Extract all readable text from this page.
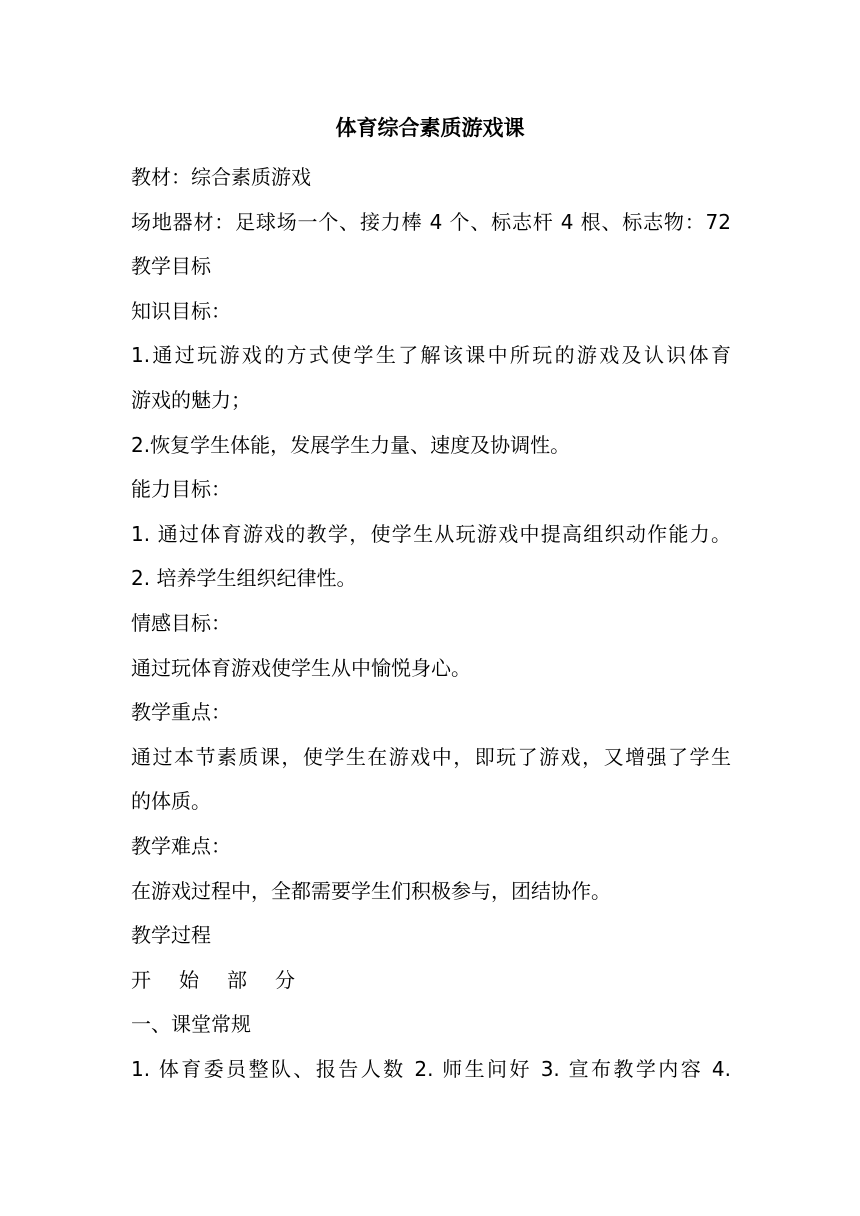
体育综合素质游戏课
教材：综合素质游戏
场地器材：足球场一个、接力棒 4 个、标志杆 4 根、标志物：72
教学目标
知识目标：
1.通过玩游戏的方式使学生了解该课中所玩的游戏及认识体育
游戏的魅力；
2.恢复学生体能，发展学生力量、速度及协调性。
能力目标：
1. 通过体育游戏的教学，使学生从玩游戏中提高组织动作能力。
2. 培养学生组织纪律性。
情感目标：
通过玩体育游戏使学生从中愉悦身心。
教学重点：
通过本节素质课，使学生在游戏中，即玩了游戏，又增强了学生
的体质。
教学难点：
在游戏过程中，全都需要学生们积极参与，团结协作。
教学过程
开 始 部 分
一、课堂常规
1. 体育委员整队、报告人数 2. 师生问好 3. 宣布教学内容 4.
